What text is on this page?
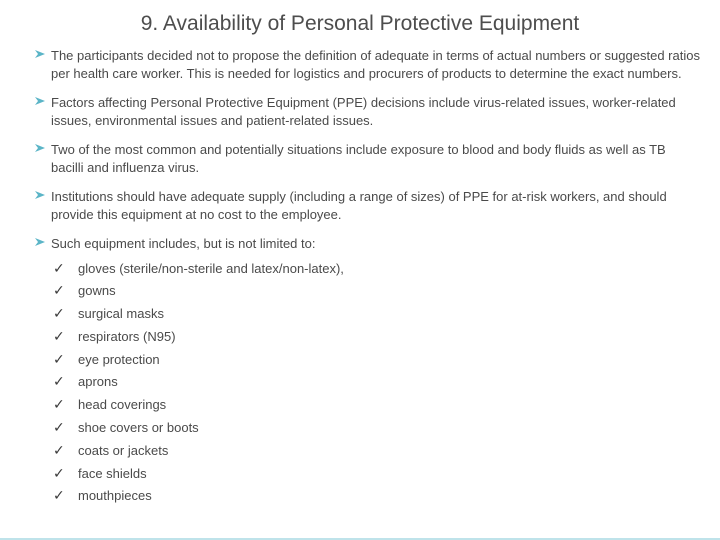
9. Availability of Personal Protective Equipment
The participants decided not to propose the definition of adequate in terms of actual numbers or suggested ratios per health care worker. This is needed for logistics and procurers of products to determine the exact numbers.
Factors affecting Personal Protective Equipment (PPE) decisions include virus-related issues, worker-related issues, environmental issues and patient-related issues.
Two of the most common and potentially situations include exposure to blood and body fluids as well as TB bacilli and influenza virus.
Institutions should have adequate supply (including a range of sizes) of PPE for at-risk workers, and should provide this equipment at no cost to the employee.
Such equipment includes, but is not limited to:
✓ gloves (sterile/non-sterile and latex/non-latex),
✓ gowns
✓ surgical masks
✓ respirators (N95)
✓ eye protection
✓ aprons
✓ head coverings
✓ shoe covers or boots
✓ coats or jackets
✓ face shields
✓ mouthpieces
